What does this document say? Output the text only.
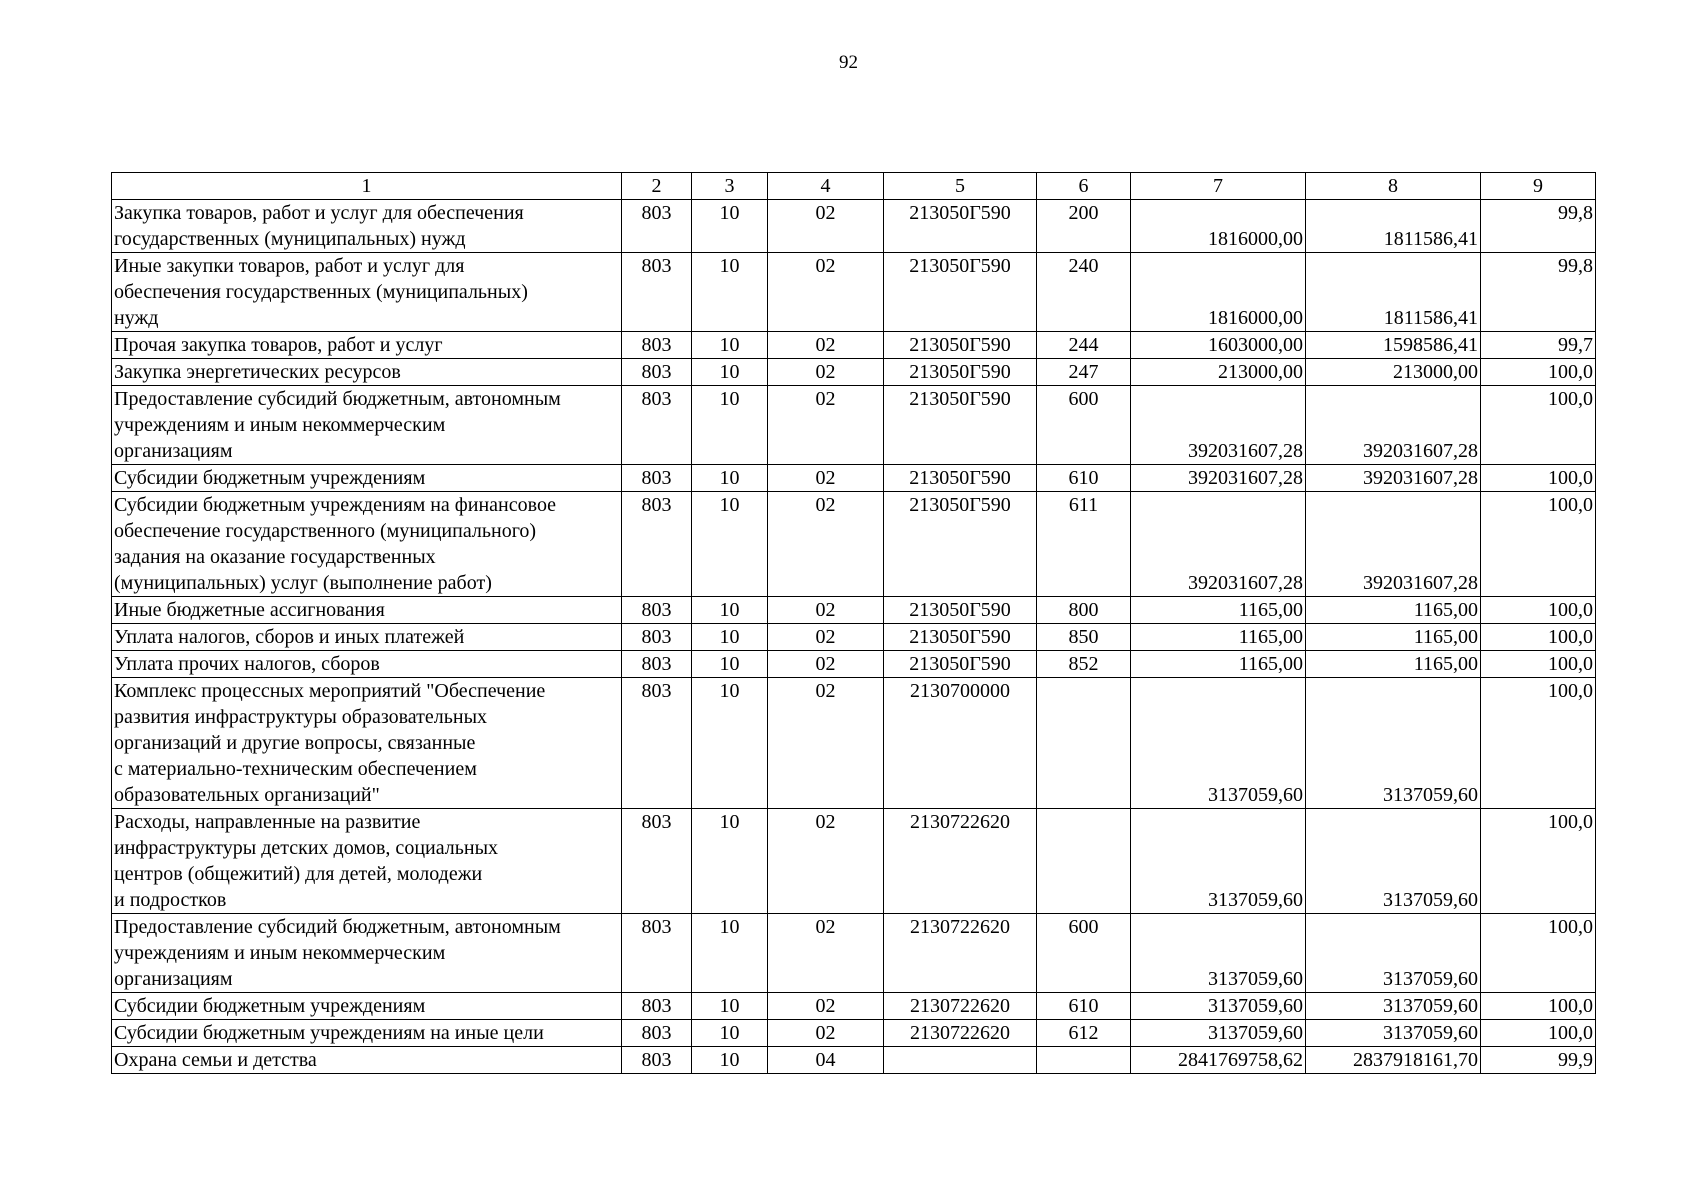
92
1	2	3	4	5	6	7	8	9
Закупка товаров, работ и услуг для обеспечения
государственных (муниципальных) нужд	803	10	02	213050Г590	200	1816000,00	1811586,41	99,8
Иные закупки товаров, работ и услуг для
обеспечения государственных (муниципальных)
нужд	803	10	02	213050Г590	240	1816000,00	1811586,41	99,8
Прочая закупка товаров, работ и услуг	803	10	02	213050Г590	244	1603000,00	1598586,41	99,7
Закупка энергетических ресурсов	803	10	02	213050Г590	247	213000,00	213000,00	100,0
Предоставление субсидий бюджетным, автономным
учреждениям и иным некоммерческим
организациям	803	10	02	213050Г590	600	392031607,28	392031607,28	100,0
Субсидии бюджетным учреждениям	803	10	02	213050Г590	610	392031607,28	392031607,28	100,0
Субсидии бюджетным учреждениям на финансовое
обеспечение государственного (муниципального)
задания на оказание государственных
(муниципальных) услуг (выполнение работ)	803	10	02	213050Г590	611	392031607,28	392031607,28	100,0
Иные бюджетные ассигнования	803	10	02	213050Г590	800	1165,00	1165,00	100,0
Уплата налогов, сборов и иных платежей	803	10	02	213050Г590	850	1165,00	1165,00	100,0
Уплата прочих налогов, сборов	803	10	02	213050Г590	852	1165,00	1165,00	100,0
Комплекс процессных мероприятий "Обеспечение
развития инфраструктуры образовательных
организаций и другие вопросы, связанные
с материально-техническим обеспечением
образовательных организаций"	803	10	02	2130700000		3137059,60	3137059,60	100,0
Расходы, направленные на развитие
инфраструктуры детских домов, социальных
центров (общежитий) для детей, молодежи
и подростков	803	10	02	2130722620		3137059,60	3137059,60	100,0
Предоставление субсидий бюджетным, автономным
учреждениям и иным некоммерческим
организациям	803	10	02	2130722620	600	3137059,60	3137059,60	100,0
Субсидии бюджетным учреждениям	803	10	02	2130722620	610	3137059,60	3137059,60	100,0
Субсидии бюджетным учреждениям на иные цели	803	10	02	2130722620	612	3137059,60	3137059,60	100,0
Охрана семьи и детства	803	10	04			2841769758,62	2837918161,70	99,9
